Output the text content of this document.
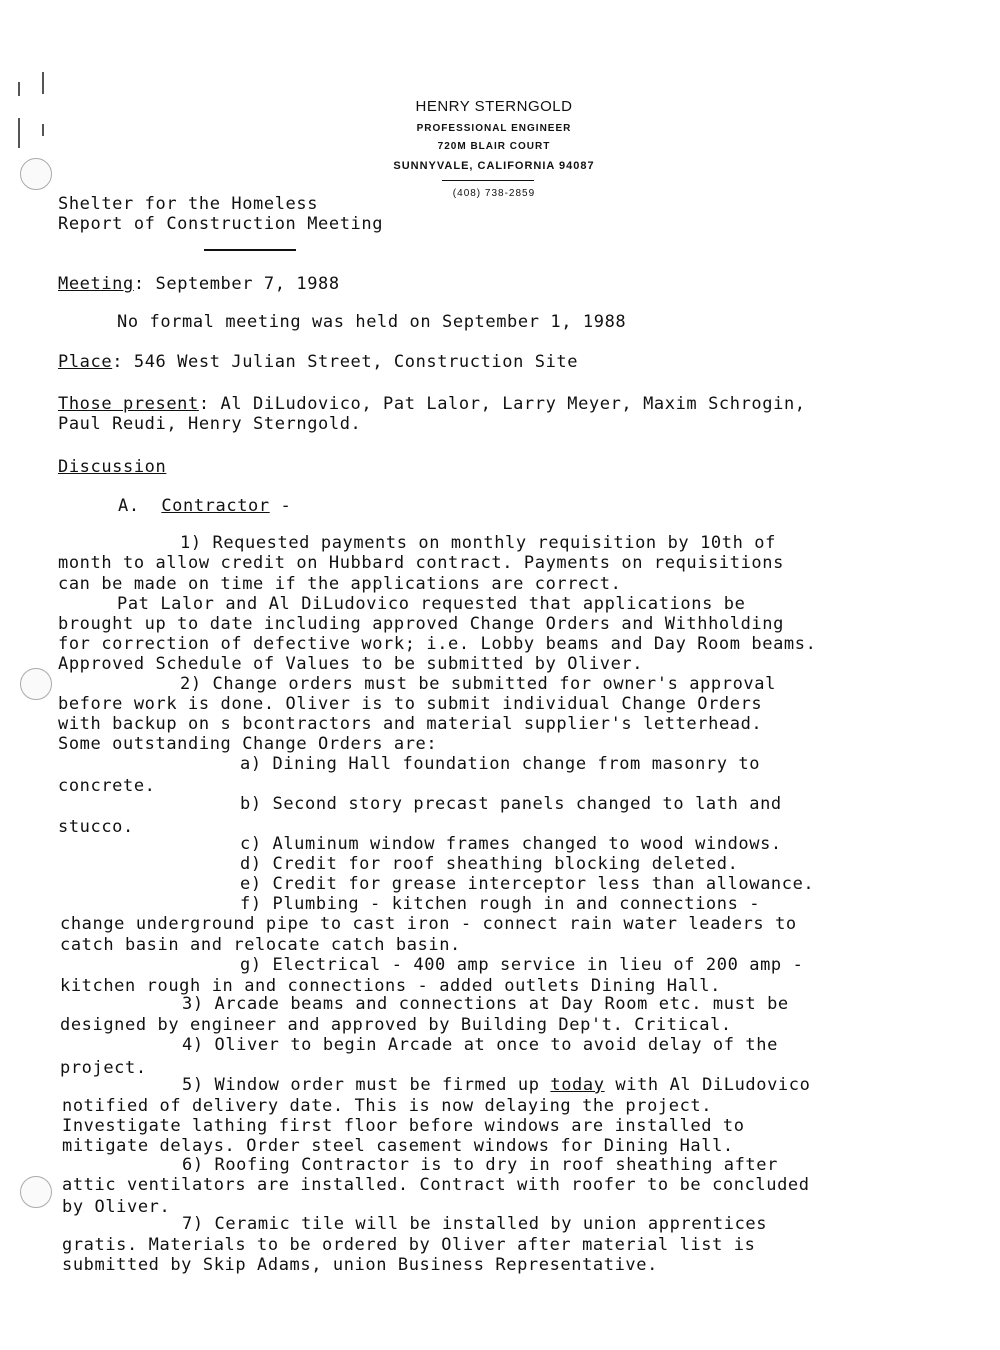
HENRY STERNGOLD
PROFESSIONAL ENGINEER
720M BLAIR COURT
SUNNYVALE, CALIFORNIA 94087
(408) 738-2859
Shelter for the Homeless
Report of Construction Meeting
Meeting: September 7, 1988
No formal meeting was held on September 1, 1988
Place: 546 West Julian Street, Construction Site
Those present: Al DiLudovico, Pat Lalor, Larry Meyer, Maxim Schrogin,
Paul Reudi, Henry Sterngold.
Discussion
A. Contractor -
1) Requested payments on monthly requisition by 10th of
month to allow credit on Hubbard contract. Payments on requisitions
can be made on time if the applications are correct.
Pat Lalor and Al DiLudovico requested that applications be
brought up to date including approved Change Orders and Withholding
for correction of defective work; i.e. Lobby beams and Day Room beams.
Approved Schedule of Values to be submitted by Oliver.
2) Change orders must be submitted for owner's approval
before work is done. Oliver is to submit individual Change Orders
with backup on s bcontractors and material supplier's letterhead.
Some outstanding Change Orders are:
a) Dining Hall foundation change from masonry to
concrete.
b) Second story precast panels changed to lath and
stucco.
c) Aluminum window frames changed to wood windows.
d) Credit for roof sheathing blocking deleted.
e) Credit for grease interceptor less than allowance.
f) Plumbing - kitchen rough in and connections -
change underground pipe to cast iron - connect rain water leaders to
catch basin and relocate catch basin.
g) Electrical - 400 amp service in lieu of 200 amp -
kitchen rough in and connections - added outlets Dining Hall.
3) Arcade beams and connections at Day Room etc. must be
designed by engineer and approved by Building Dep't. Critical.
4) Oliver to begin Arcade at once to avoid delay of the
project.
5) Window order must be firmed up today with Al DiLudovico
notified of delivery date. This is now delaying the project.
Investigate lathing first floor before windows are installed to
mitigate delays. Order steel casement windows for Dining Hall.
6) Roofing Contractor is to dry in roof sheathing after
attic ventilators are installed. Contract with roofer to be concluded
by Oliver.
7) Ceramic tile will be installed by union apprentices
gratis. Materials to be ordered by Oliver after material list is
submitted by Skip Adams, union Business Representative.
